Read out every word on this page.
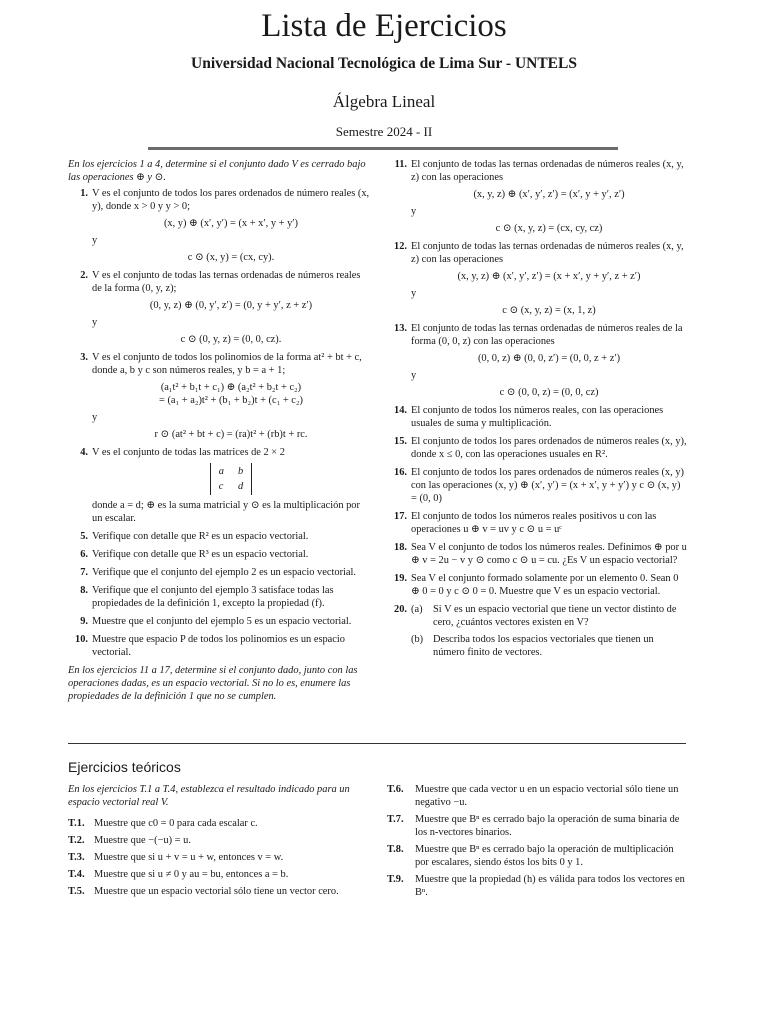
Lista de Ejercicios
Universidad Nacional Tecnológica de Lima Sur - UNTELS
Álgebra Lineal
Semestre 2024 - II
En los ejercicios 1 a 4, determine si el conjunto dado V es cerrado bajo las operaciones ⊕ y ⊙.
1. V es el conjunto de todos los pares ordenados de número reales (x, y), donde x > 0 y y > 0;
(x, y) ⊕ (x′, y′) = (x + x′, y + y′)
y
c ⊙ (x, y) = (cx, cy).
2. V es el conjunto de todas las ternas ordenadas de números reales de la forma (0, y, z);
(0, y, z) ⊕ (0, y′, z′) = (0, y + y′, z + z′)
y
c ⊙ (0, y, z) = (0, 0, cz).
3. V es el conjunto de todos los polinomios de la forma at² + bt + c, donde a, b y c son números reales, y b = a + 1;
(a₁t² + b₁t + c₁) ⊕ (a₂t² + b₂t + c₂)
= (a₁ + a₂)t² + (b₁ + b₂)t + (c₁ + c₂)
y
r ⊙ (at² + bt + c) = (ra)t² + (rb)t + rc.
4. V es el conjunto de todas las matrices de 2 × 2
a	b
c	d
donde a = d; ⊕ es la suma matricial y ⊙ es la multiplicación por un escalar.
5. Verifique con detalle que R² es un espacio vectorial.
6. Verifique con detalle que R³ es un espacio vectorial.
7. Verifique que el conjunto del ejemplo 2 es un espacio vectorial.
8. Verifique que el conjunto del ejemplo 3 satisface todas las propiedades de la definición 1, excepto la propiedad (f).
9. Muestre que el conjunto del ejemplo 5 es un espacio vectorial.
10. Muestre que espacio P de todos los polinomios es un espacio vectorial.
En los ejercicios 11 a 17, determine si el conjunto dado, junto con las operaciones dadas, es un espacio vectorial. Si no lo es, enumere las propiedades de la definición 1 que no se cumplen.
11. El conjunto de todas las ternas ordenadas de números reales (x, y, z) con las operaciones
(x, y, z) ⊕ (x′, y′, z′) = (x′, y + y′, z′)
y
c ⊙ (x, y, z) = (cx, cy, cz)
12. El conjunto de todas las ternas ordenadas de números reales (x, y, z) con las operaciones
(x, y, z) ⊕ (x′, y′, z′) = (x + x′, y + y′, z + z′)
y
c ⊙ (x, y, z) = (x, 1, z)
13. El conjunto de todas las ternas ordenadas de números reales de la forma (0, 0, z) con las operaciones
(0, 0, z) ⊕ (0, 0, z′) = (0, 0, z + z′)
y
c ⊙ (0, 0, z) = (0, 0, cz)
14. El conjunto de todos los números reales, con las operaciones usuales de suma y multiplicación.
15. El conjunto de todos los pares ordenados de números reales (x, y), donde x ≤ 0, con las operaciones usuales en R².
16. El conjunto de todos los pares ordenados de números reales (x, y) con las operaciones (x, y) ⊕ (x′, y′) = (x + x′, y + y′) y c ⊙ (x, y) = (0, 0)
17. El conjunto de todos los números reales positivos u con las operaciones u ⊕ v = uv y c ⊙ u = uᶜ
18. Sea V el conjunto de todos los números reales. Definimos ⊕ por u ⊕ v = 2u − v y ⊙ como c ⊙ u = cu. ¿Es V un espacio vectorial?
19. Sea V el conjunto formado solamente por un elemento 0. Sean 0 ⊕ 0 = 0 y c ⊙ 0 = 0. Muestre que V es un espacio vectorial.
20. (a) Si V es un espacio vectorial que tiene un vector distinto de cero, ¿cuántos vectores existen en V?
(b) Describa todos los espacios vectoriales que tienen un número finito de vectores.
Ejercicios teóricos
En los ejercicios T.1 a T.4, establezca el resultado indicado para un espacio vectorial real V.
T.1. Muestre que c0 = 0 para cada escalar c.
T.2. Muestre que −(−u) = u.
T.3. Muestre que si u + v = u + w, entonces v = w.
T.4. Muestre que si u ≠ 0 y au = bu, entonces a = b.
T.5. Muestre que un espacio vectorial sólo tiene un vector cero.
T.6. Muestre que cada vector u en un espacio vectorial sólo tiene un negativo −u.
T.7. Muestre que Bⁿ es cerrado bajo la operación de suma binaria de los n-vectores binarios.
T.8. Muestre que Bⁿ es cerrado bajo la operación de multiplicación por escalares, siendo éstos los bits 0 y 1.
T.9. Muestre que la propiedad (h) es válida para todos los vectores en Bⁿ.
